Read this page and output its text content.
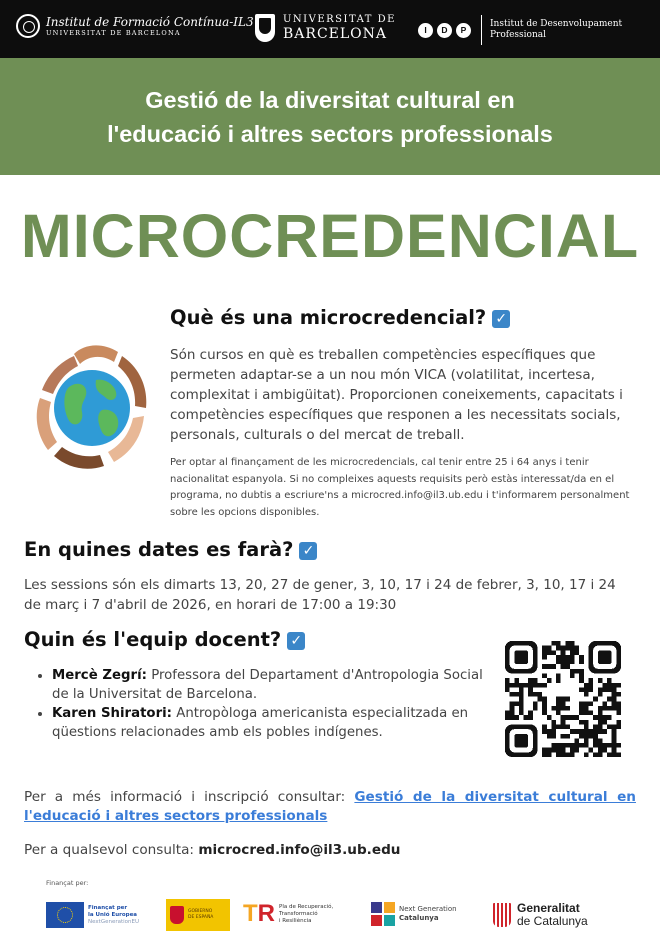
Institut de Formació Contínua-IL3
UNIVERSITAT DE BARCELONA
UNIVERSITAT DE
BARCELONA	I	D	P
Institut de Desenvolupament
Professional
Gestió de la diversitat cultural en
l'educació i altres sectors professionals
MICROCREDENCIAL
Què és una microcredencial? ✓
Són cursos en què es treballen competències específiques que permeten adaptar-se a un nou món VICA (volatilitat, incertesa, complexitat i ambigüitat). Proporcionen coneixements, capacitats i competències específiques que responen a les necessitats socials, personals, culturals o del mercat de treball.
Per optar al finançament de les microcredencials, cal tenir entre 25 i 64 anys i tenir nacionalitat espanyola. Si no compleixes aquests requisits però estàs interessat/da en el programa, no dubtis a escriure'ns a microcred.info@il3.ub.edu i t'informarem personalment sobre les opcions disponibles.
En quines dates es farà? ✓
Les sessions són els dimarts 13, 20, 27 de gener, 3, 10, 17 i 24 de febrer, 3, 10, 17 i 24 de març i 7 d'abril de 2026, en horari de 17:00 a 19:30
Quin és l'equip docent? ✓
• Mercè Zegrí: Professora del Departament d'Antropologia Social de la Universitat de Barcelona.
• Karen Shiratori: Antropòloga americanista especialitzada en qüestions relacionades amb els pobles indígenes.
Per a més informació i inscripció consultar: Gestió de la diversitat cultural en l'educació i altres sectors professionals
Per a qualsevol consulta: microcred.info@il3.ub.edu
Finançat per:
Finançat per
la Unió Europea
NextGenerationEU
GOBIERNO
DE ESPAÑA TR Pla de Recuperació,
Transformació
i Resiliència
Next Generation
Catalunya
Generalitat
de Catalunya
